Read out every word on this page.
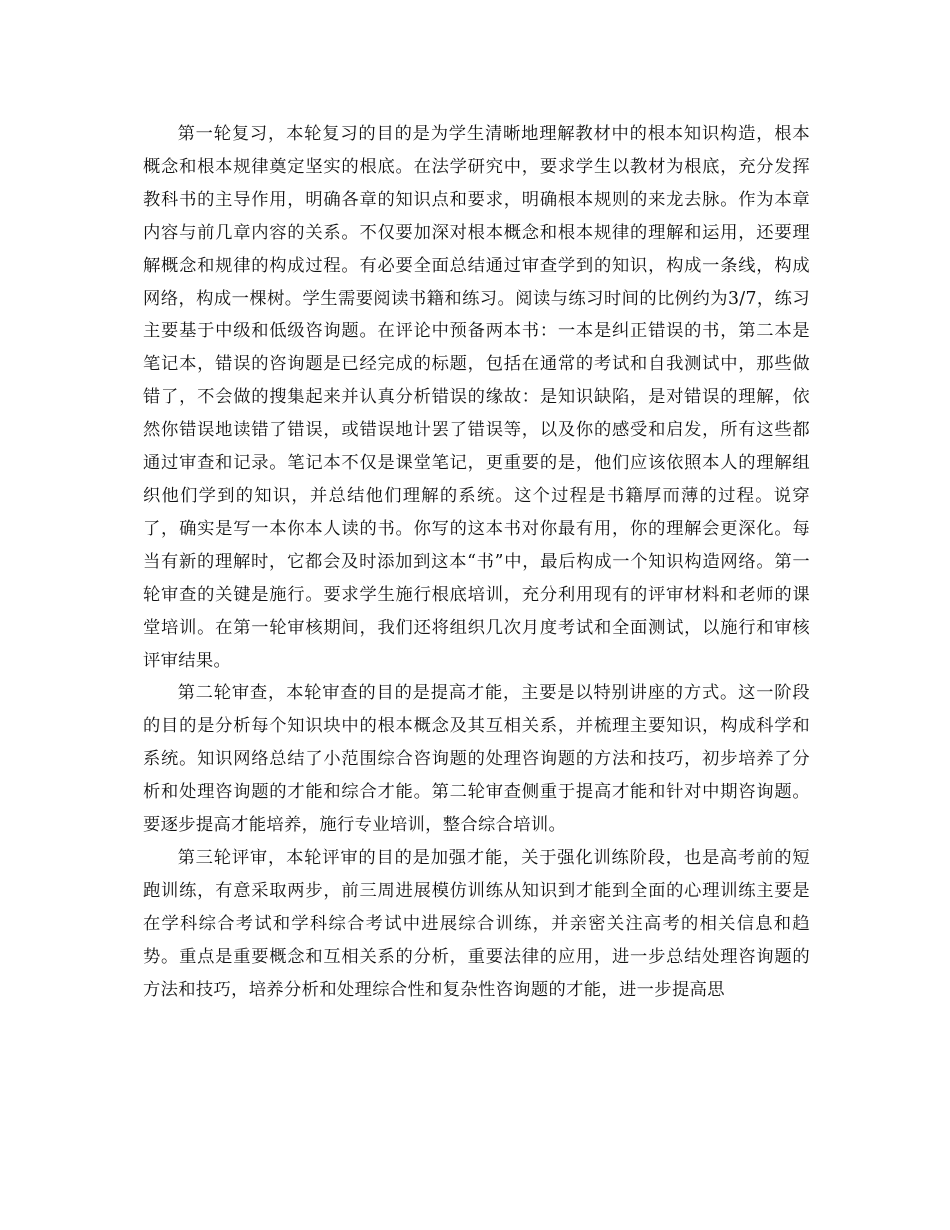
第一轮复习，本轮复习的目的是为学生清晰地理解教材中的根本知识构造，根本概念和根本规律奠定坚实的根底。在法学研究中，要求学生以教材为根底，充分发挥教科书的主导作用，明确各章的知识点和要求，明确根本规则的来龙去脉。作为本章内容与前几章内容的关系。不仅要加深对根本概念和根本规律的理解和运用，还要理解概念和规律的构成过程。有必要全面总结通过审查学到的知识，构成一条线，构成网络，构成一棵树。学生需要阅读书籍和练习。阅读与练习时间的比例约为3/7，练习主要基于中级和低级咨询题。在评论中预备两本书：一本是纠正错误的书，第二本是笔记本，错误的咨询题是已经完成的标题，包括在通常的考试和自我测试中，那些做错了，不会做的搜集起来并认真分析错误的缘故：是知识缺陷，是对错误的理解，依然你错误地读错了错误，或错误地计罢了错误等，以及你的感受和启发，所有这些都通过审查和记录。笔记本不仅是课堂笔记，更重要的是，他们应该依照本人的理解组织他们学到的知识，并总结他们理解的系统。这个过程是书籍厚而薄的过程。说穿了，确实是写一本你本人读的书。你写的这本书对你最有用，你的理解会更深化。每当有新的理解时，它都会及时添加到这本“书”中，最后构成一个知识构造网络。第一轮审查的关键是施行。要求学生施行根底培训，充分利用现有的评审材料和老师的课堂培训。在第一轮审核期间，我们还将组织几次月度考试和全面测试，以施行和审核评审结果。

第二轮审查，本轮审查的目的是提高才能，主要是以特别讲座的方式。这一阶段的目的是分析每个知识块中的根本概念及其互相关系，并梳理主要知识，构成科学和系统。知识网络总结了小范围综合咨询题的处理咨询题的方法和技巧，初步培养了分析和处理咨询题的才能和综合才能。第二轮审查侧重于提高才能和针对中期咨询题。要逐步提高才能培养，施行专业培训，整合综合培训。

第三轮评审，本轮评审的目的是加强才能，关于强化训练阶段，也是高考前的短跑训练，有意采取两步，前三周进展模仿训练从知识到才能到全面的心理训练主要是在学科综合考试和学科综合考试中进展综合训练，并亲密关注高考的相关信息和趋势。重点是重要概念和互相关系的分析，重要法律的应用，进一步总结处理咨询题的方法和技巧，培养分析和处理综合性和复杂性咨询题的才能，进一步提高思
